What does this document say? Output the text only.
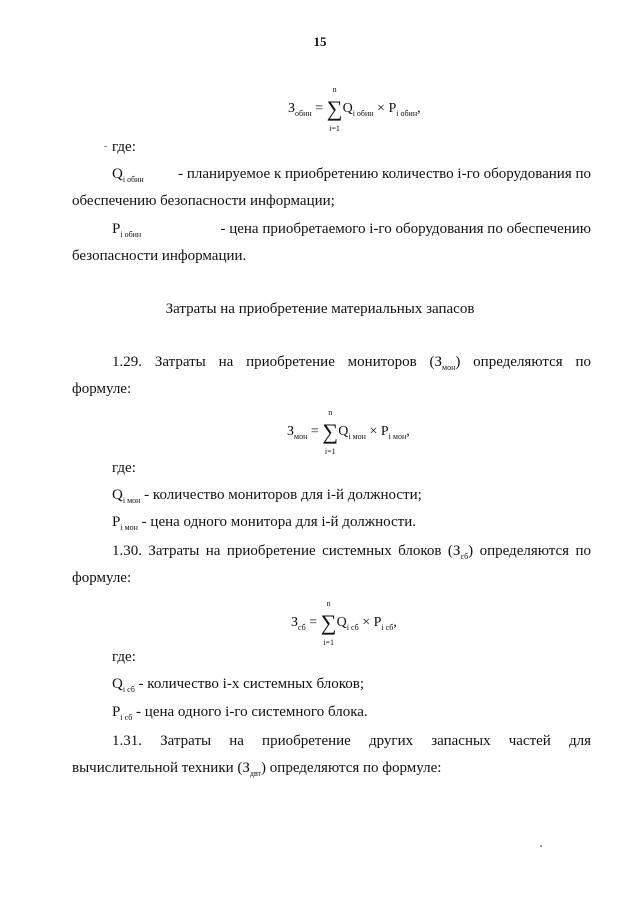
15
$З_{обин}$ = ∑
n
i=1
$Q_{i обин} \times P_{i обин}$,
где:
$Q_{i обин}$ - планируемое к приобретению количество i-го оборудования по
обеспечению безопасности информации;
$P_{i обин}$	- цена приобретаемого i-го оборудования по обеспечению
безопасности информации.
Затраты на приобретение материальных запасов
1.29. Затраты на приобретение мониторов $(З_{мон})$ определяются по
формуле:
$З_{мон}$ = ∑
n
i=1
$Q_{i мон} \times P_{i мон}$,
где:
$Q_{i мон}$ - количество мониторов для i-й должности;
$P_{i мон}$ - цена одного монитора для i-й должности.
1.30. Затраты на приобретение системных блоков $(З_{сб})$ определяются по
формуле:
$З_{сб}$ = ∑
n
i=1
$Q_{i сб} \times P_{i сб}$,
где:
$Q_{i сб}$ - количество i-х системных блоков;
$P_{i сб}$ - цена одного i-го системного блока.
1.31. Затраты на приобретение других запасных частей для
вычислительной техники $(З_{двт})$ определяются по формуле:
